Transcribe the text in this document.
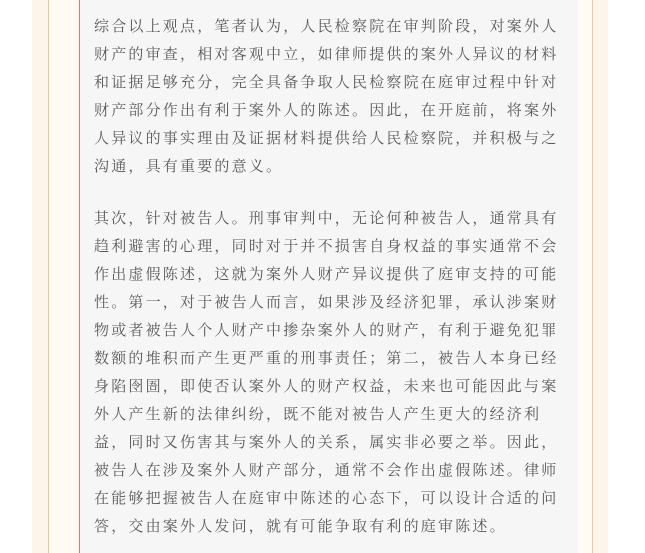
综合以上观点，笔者认为，人民检察院在审判阶段，对案外人
财产的审查，相对客观中立，如律师提供的案外人异议的材料
和证据足够充分，完全具备争取人民检察院在庭审过程中针对
财产部分作出有利于案外人的陈述。因此，在开庭前，将案外
人异议的事实理由及证据材料提供给人民检察院，并积极与之
沟通，具有重要的意义。
其次，针对被告人。刑事审判中，无论何种被告人，通常具有
趋利避害的心理，同时对于并不损害自身权益的事实通常不会
作出虚假陈述，这就为案外人财产异议提供了庭审支持的可能
性。第一，对于被告人而言，如果涉及经济犯罪，承认涉案财
物或者被告人个人财产中掺杂案外人的财产，有利于避免犯罪
数额的堆积而产生更严重的刑事责任；第二，被告人本身已经
身陷囹圄，即使否认案外人的财产权益，未来也可能因此与案
外人产生新的法律纠纷，既不能对被告人产生更大的经济利
益，同时又伤害其与案外人的关系，属实非必要之举。因此，
被告人在涉及案外人财产部分，通常不会作出虚假陈述。律师
在能够把握被告人在庭审中陈述的心态下，可以设计合适的问
答，交由案外人发问，就有可能争取有利的庭审陈述。
